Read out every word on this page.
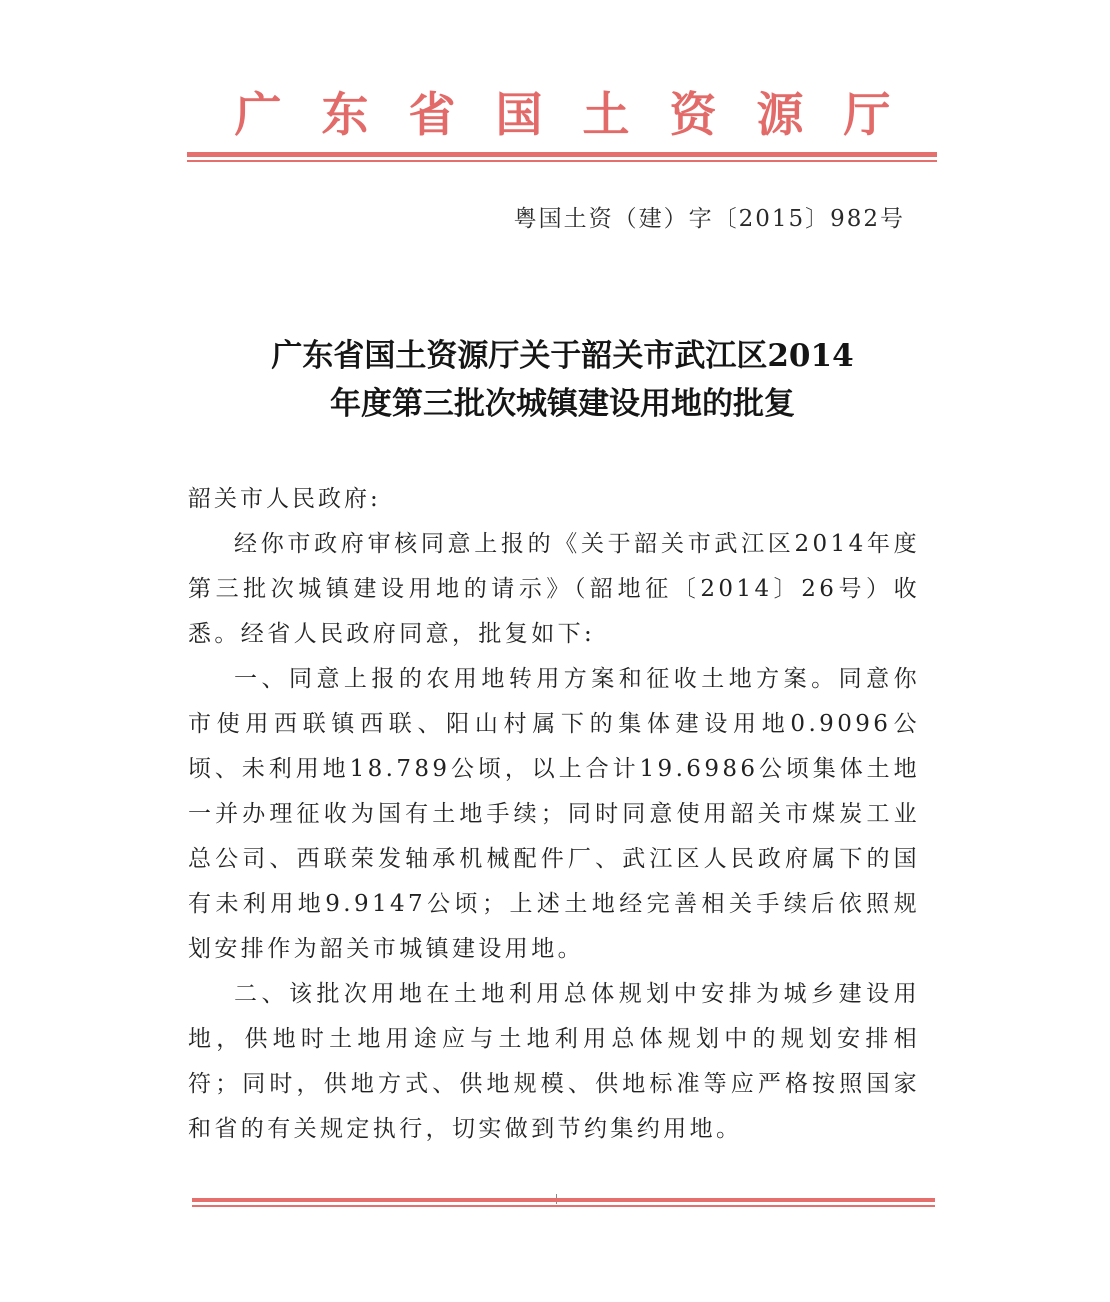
广东省国土资源厅
粤国土资（建）字〔2015〕982号
广东省国土资源厅关于韶关市武江区2014
年度第三批次城镇建设用地的批复
韶关市人民政府:

经你市政府审核同意上报的《关于韶关市武江区2014年度第三批次城镇建设用地的请示》（韶地征〔2014〕26号）收悉。经省人民政府同意，批复如下:

一、同意上报的农用地转用方案和征收土地方案。同意你市使用西联镇西联、阳山村属下的集体建设用地0.9096公顷、未利用地18.789公顷，以上合计19.6986公顷集体土地一并办理征收为国有土地手续；同时同意使用韶关市煤炭工业总公司、西联荣发轴承机械配件厂、武江区人民政府属下的国有未利用地9.9147公顷；上述土地经完善相关手续后依照规划安排作为韶关市城镇建设用地。

二、该批次用地在土地利用总体规划中安排为城乡建设用地，供地时土地用途应与土地利用总体规划中的规划安排相符；同时，供地方式、供地规模、供地标准等应严格按照国家和省的有关规定执行，切实做到节约集约用地。
